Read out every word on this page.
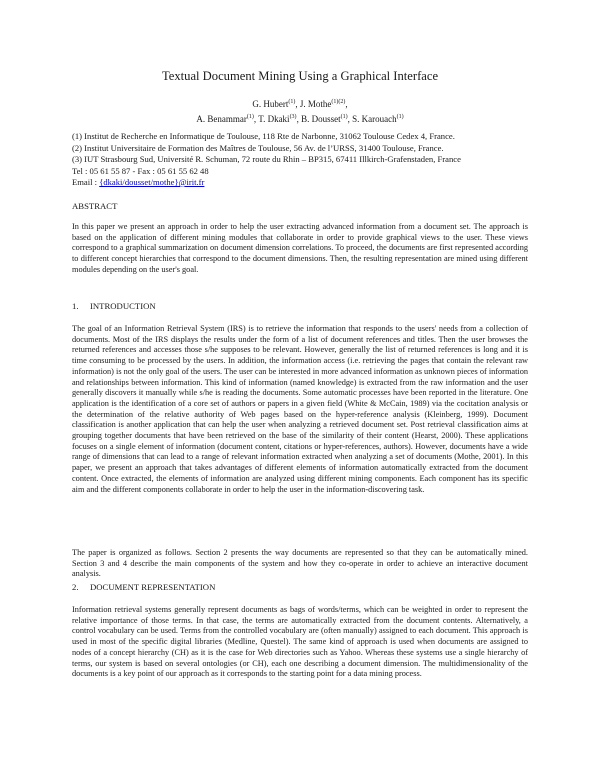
Textual Document Mining Using a Graphical Interface
G. Hubert$^{(1)}$, J. Mothe$^{(1)(2)}$,
A. Benammar$^{(1)}$, T. Dkaki$^{(3)}$, B. Dousset$^{(1)}$, S. Karouach$^{(1)}$
(1) Institut de Recherche en Informatique de Toulouse, 118 Rte de Narbonne, 31062 Toulouse Cedex 4, France.
(2) Institut Universitaire de Formation des Maîtres de Toulouse, 56 Av. de l’URSS, 31400 Toulouse, France.
(3) IUT Strasbourg Sud, Université R. Schuman, 72 route du Rhin – BP315, 67411 Illkirch-Grafenstaden, France
Tel : 05 61 55 87 - Fax : 05 61 55 62 48
Email : {dkaki/dousset/mothe}@irit.fr
ABSTRACT
In this paper we present an approach in order to help the user extracting advanced information from a document set. The approach is based on the application of different mining modules that collaborate in order to provide graphical views to the user. These views correspond to a graphical summarization on document dimension correlations. To proceed, the documents are first represented according to different concept hierarchies that correspond to the document dimensions. Then, the resulting representation are mined using different modules depending on the user's goal.
1. INTRODUCTION
The goal of an Information Retrieval System (IRS) is to retrieve the information that responds to the users' needs from a collection of documents. Most of the IRS displays the results under the form of a list of document references and titles. Then the user browses the returned references and accesses those s/he supposes to be relevant. However, generally the list of returned references is long and it is time consuming to be processed by the users. In addition, the information access (i.e. retrieving the pages that contain the relevant raw information) is not the only goal of the users. The user can be interested in more advanced information as unknown pieces of information and relationships between information. This kind of information (named knowledge) is extracted from the raw information and the user generally discovers it manually while s/he is reading the documents. Some automatic processes have been reported in the literature. One application is the identification of a core set of authors or papers in a given field (White & McCain, 1989) via the cocitation analysis or the determination of the relative authority of Web pages based on the hyper-reference analysis (Kleinberg, 1999). Document classification is another application that can help the user when analyzing a retrieved document set. Post retrieval classification aims at grouping together documents that have been retrieved on the base of the similarity of their content (Hearst, 2000). These applications focuses on a single element of information (document content, citations or hyper-references, authors). However, documents have a wide range of dimensions that can lead to a range of relevant information extracted when analyzing a set of documents (Mothe, 2001). In this paper, we present an approach that takes advantages of different elements of information automatically extracted from the document content. Once extracted, the elements of information are analyzed using different mining components. Each component has its specific aim and the different components collaborate in order to help the user in the information-discovering task.
The paper is organized as follows. Section 2 presents the way documents are represented so that they can be automatically mined. Section 3 and 4 describe the main components of the system and how they co-operate in order to achieve an interactive document analysis.
2. DOCUMENT REPRESENTATION
Information retrieval systems generally represent documents as bags of words/terms, which can be weighted in order to represent the relative importance of those terms. In that case, the terms are automatically extracted from the document contents. Alternatively, a control vocabulary can be used. Terms from the controlled vocabulary are (often manually) assigned to each document. This approach is used in most of the specific digital libraries (Medline, Questel). The same kind of approach is used when documents are assigned to nodes of a concept hierarchy (CH) as it is the case for Web directories such as Yahoo. Whereas these systems use a single hierarchy of terms, our system is based on several ontologies (or CH), each one describing a document dimension. The multidimensionality of the documents is a key point of our approach as it corresponds to the starting point for a data mining process.
